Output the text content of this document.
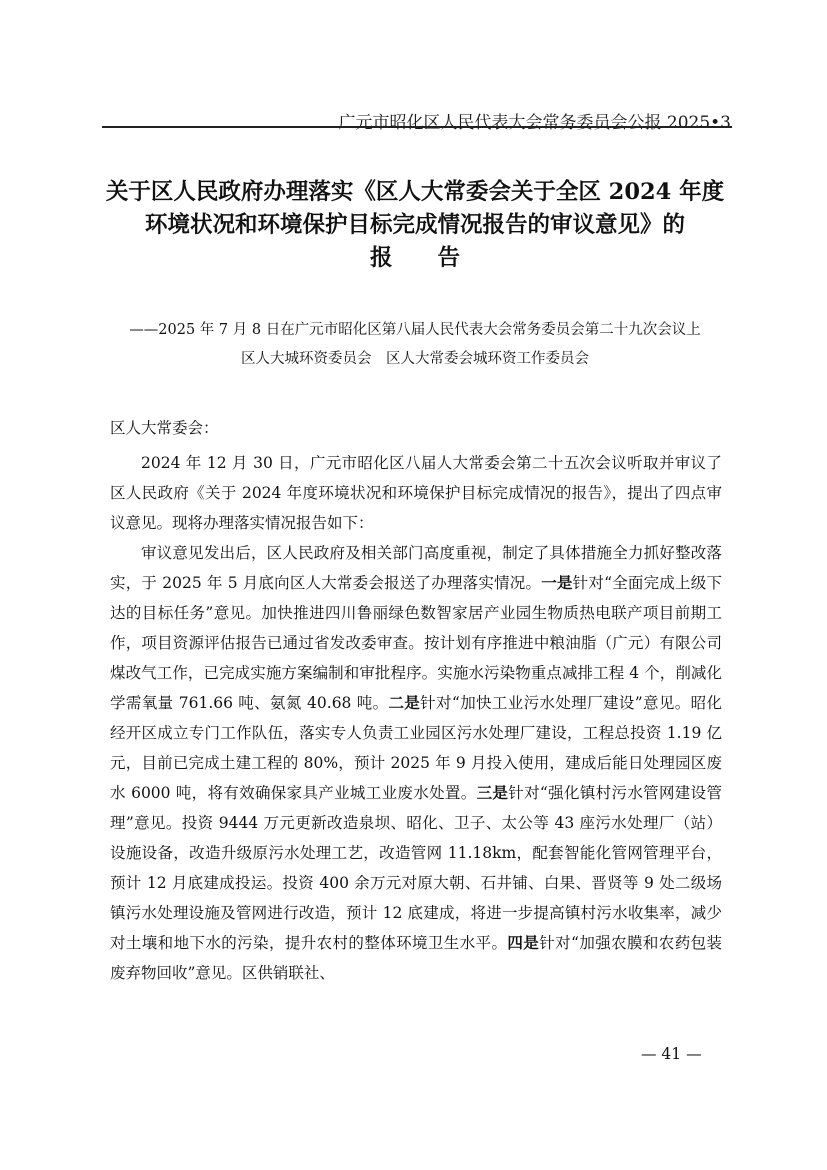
广元市昭化区人民代表大会常务委员会公报 2025•3
关于区人民政府办理落实《区人大常委会关于全区 2024 年度
环境状况和环境保护目标完成情况报告的审议意见》的
报　　告
——2025 年 7 月 8 日在广元市昭化区第八届人民代表大会常务委员会第二十九次会议上
区人大城环资委员会　区人大常委会城环资工作委员会
区人大常委会：

2024 年 12 月 30 日，广元市昭化区八届人大常委会第二十五次会议听取并审议了区人民政府《关于 2024 年度环境状况和环境保护目标完成情况的报告》，提出了四点审议意见。现将办理落实情况报告如下：

审议意见发出后，区人民政府及相关部门高度重视，制定了具体措施全力抓好整改落实，于 2025 年 5 月底向区人大常委会报送了办理落实情况。一是针对“全面完成上级下达的目标任务”意见。加快推进四川鲁丽绿色数智家居产业园生物质热电联产项目前期工作，项目资源评估报告已通过省发改委审查。按计划有序推进中粮油脂（广元）有限公司煤改气工作，已完成实施方案编制和审批程序。实施水污染物重点减排工程 4 个，削减化学需氧量 761.66 吨、氨氮 40.68 吨。二是针对“加快工业污水处理厂建设”意见。昭化经开区成立专门工作队伍，落实专人负责工业园区污水处理厂建设，工程总投资 1.19 亿元，目前已完成土建工程的 80%，预计 2025 年 9 月投入使用，建成后能日处理园区废水 6000 吨，将有效确保家具产业城工业废水处置。三是针对“强化镇村污水管网建设管理”意见。投资 9444 万元更新改造泉坝、昭化、卫子、太公等 43 座污水处理厂（站）设施设备，改造升级原污水处理工艺，改造管网 11.18km，配套智能化管网管理平台，预计 12 月底建成投运。投资 400 余万元对原大朝、石井铺、白果、晋贤等 9 处二级场镇污水处理设施及管网进行改造，预计 12 底建成，将进一步提高镇村污水收集率，减少对土壤和地下水的污染，提升农村的整体环境卫生水平。四是针对“加强农膜和农药包装废弃物回收”意见。区供销联社、

— 41 —
